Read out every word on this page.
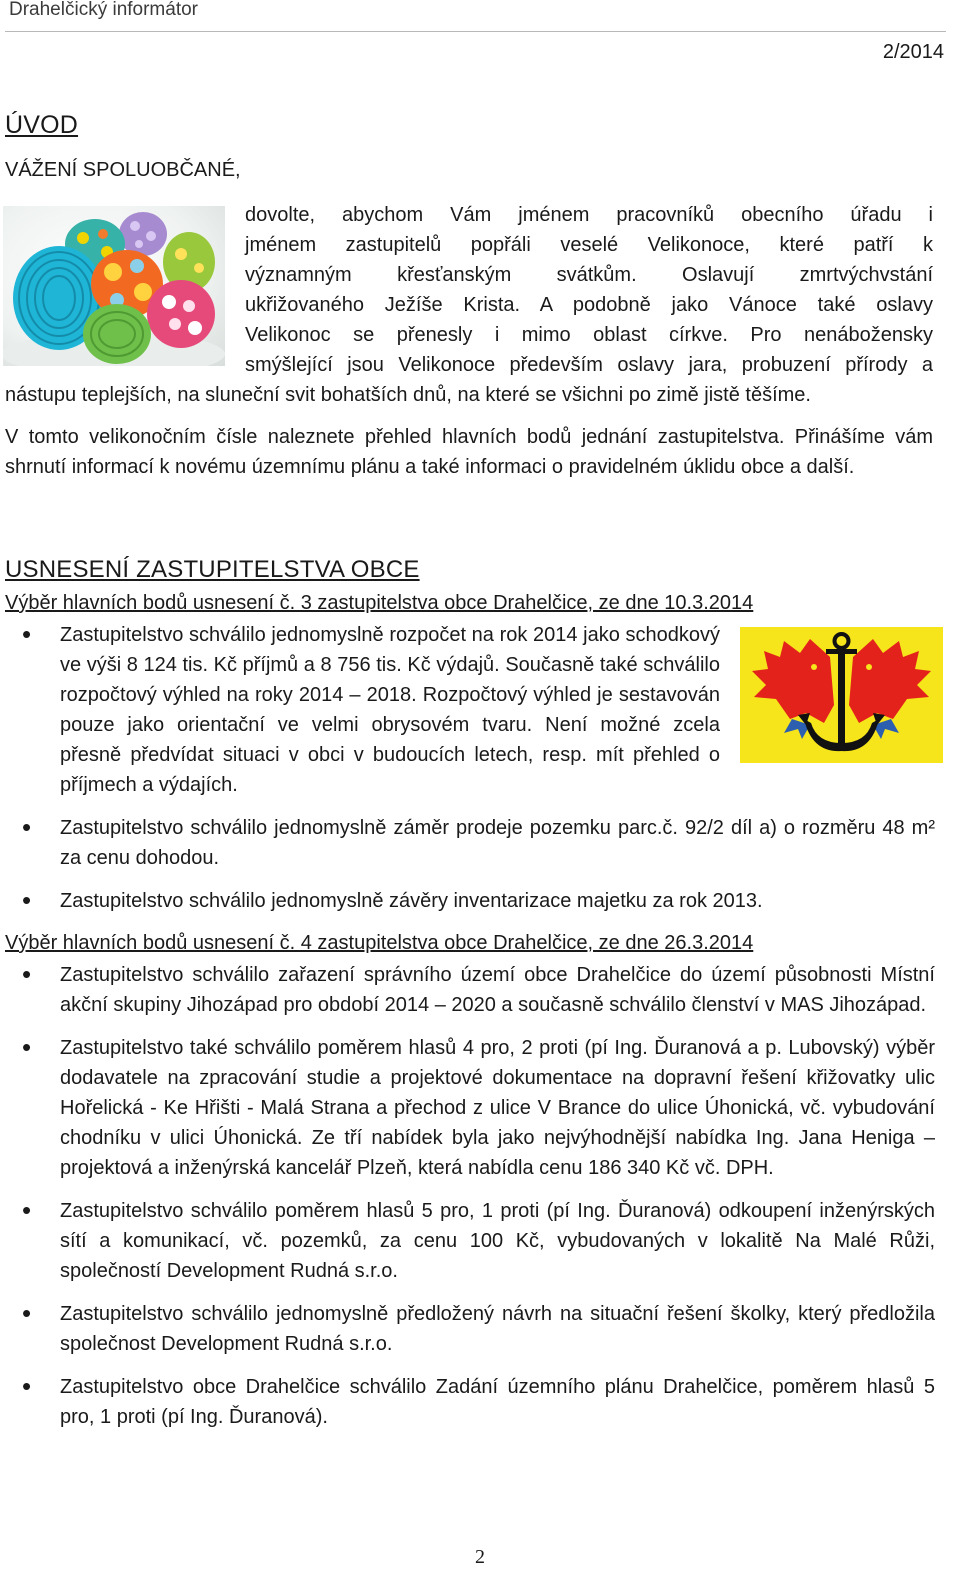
Drahelčický informátor
2/2014
ÚVOD
VÁŽENÍ SPOLUOBČANÉ,
dovolte, abychom Vám jménem pracovníků obecního úřadu i
jménem zastupitelů popřáli veselé Velikonoce, které patří k
významným křesťanským svátkům. Oslavují zmrtvýchvstání
ukřižovaného Ježíše Krista. A podobně jako Vánoce také oslavy
Velikonoc se přenesly i mimo oblast církve. Pro nenábožensky
smýšlející jsou Velikonoce především oslavy jara, probuzení přírody a
nástupu teplejších, na sluneční svit bohatších dnů, na které se všichni po zimě jistě těšíme.
V tomto velikonočním čísle naleznete přehled hlavních bodů jednání zastupitelstva. Přinášíme vám shrnutí informací k novému územnímu plánu a také informaci o pravidelném úklidu obce a další.
USNESENÍ ZASTUPITELSTVA OBCE
Výběr hlavních bodů usnesení č. 3 zastupitelstva obce Drahelčice, ze dne 10.3.2014
• Zastupitelstvo schválilo jednomyslně rozpočet na rok 2014 jako schodkový ve výši 8 124 tis. Kč příjmů a 8 756 tis. Kč výdajů. Současně také schválilo rozpočtový výhled na roky 2014 – 2018. Rozpočtový výhled je sestavován pouze jako orientační ve velmi obrysovém tvaru. Není možné zcela přesně předvídat situaci v obci v budoucích letech, resp. mít přehled o příjmech a výdajích.
• Zastupitelstvo schválilo jednomyslně záměr prodeje pozemku parc.č. 92/2 díl a) o rozměru 48 m² za cenu dohodou.
• Zastupitelstvo schválilo jednomyslně závěry inventarizace majetku za rok 2013.
Výběr hlavních bodů usnesení č. 4 zastupitelstva obce Drahelčice, ze dne 26.3.2014
• Zastupitelstvo schválilo zařazení správního území obce Drahelčice do území působnosti Místní akční skupiny Jihozápad pro období 2014 – 2020 a současně schválilo členství v MAS Jihozápad.
• Zastupitelstvo také schválilo poměrem hlasů 4 pro, 2 proti (pí Ing. Ďuranová a p. Lubovský) výběr dodavatele na zpracování studie a projektové dokumentace na dopravní řešení křižovatky ulic Hořelická - Ke Hřišti - Malá Strana a přechod z ulice V Brance do ulice Úhonická, vč. vybudování chodníku v ulici Úhonická. Ze tří nabídek byla jako nejvýhodnější nabídka Ing. Jana Heniga – projektová a inženýrská kancelář Plzeň, která nabídla cenu 186 340 Kč vč. DPH.
• Zastupitelstvo schválilo poměrem hlasů 5 pro, 1 proti (pí Ing. Ďuranová) odkoupení inženýrských sítí a komunikací, vč. pozemků, za cenu 100 Kč, vybudovaných v lokalitě Na Malé Růži, společností Development Rudná s.r.o.
• Zastupitelstvo schválilo jednomyslně předložený návrh na situační řešení školky, který předložila společnost Development Rudná s.r.o.
• Zastupitelstvo obce Drahelčice schválilo Zadání územního plánu Drahelčice, poměrem hlasů 5 pro, 1 proti (pí Ing. Ďuranová).
2
